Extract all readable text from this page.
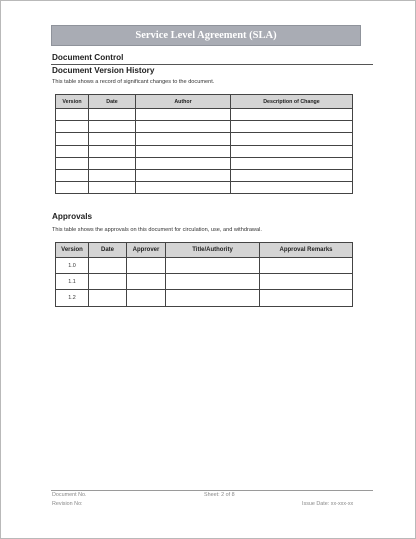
Service Level Agreement (SLA)
Document Control
Document Version History
This table shows a record of significant changes to the document.
Version	Date	Author	Description of Change

Approvals
This table shows the approvals on this document for circulation, use, and withdrawal.
Version	Date	Approver	Title/Authority	Approval Remarks
1.0				
1.1				
1.2				
Document No.
Revision No:
Sheet: 2 of 8
Issue Date: xx-xxx-xx
